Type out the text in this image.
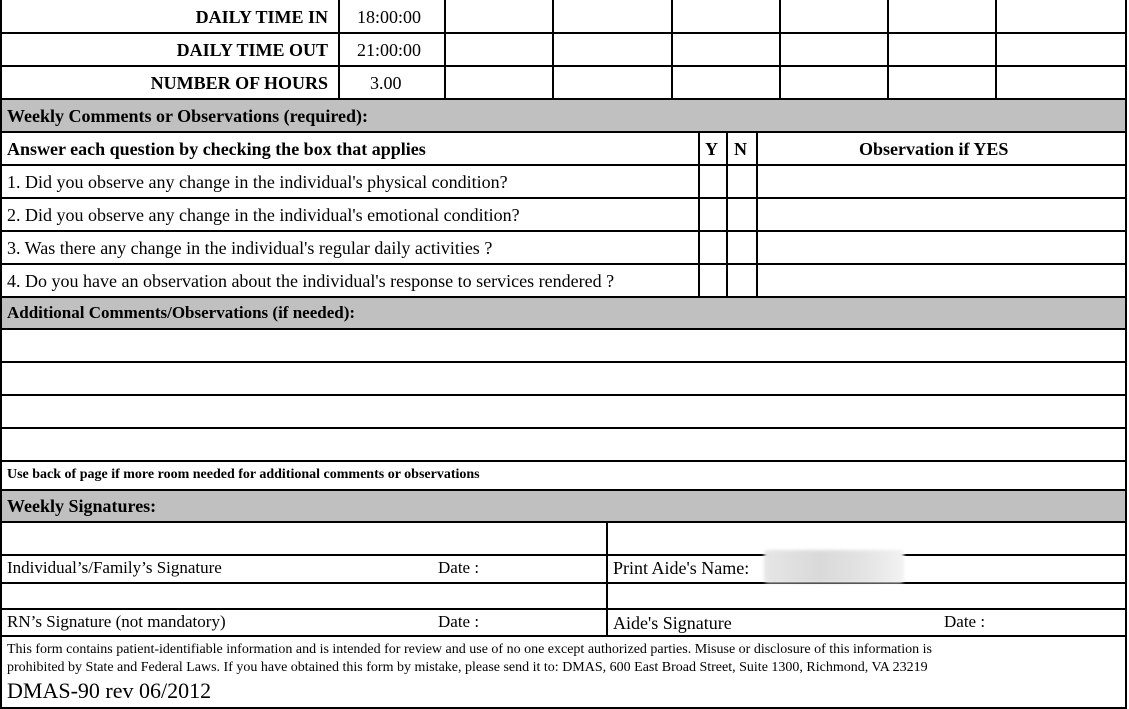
DAILY TIME IN 18:00:00
DAILY TIME OUT 21:00:00
NUMBER OF HOURS 3.00
Weekly Comments or Observations (required):
Answer each question by checking the box that applies	Y N	Observation if YES
1. Did you observe any change in the individual's physical condition?
2. Did you observe any change in the individual's emotional condition?
3. Was there any change in the individual's regular daily activities ?
4. Do you have an observation about the individual's response to services rendered ?
Additional Comments/Observations (if needed):
Use back of page if more room needed for additional comments or observations
Weekly Signatures:
Individual’s/Family’s Signature	Date :	Print Aide's Name:
RN’s Signature (not mandatory)	Date :	Aide's Signature	Date :
This form contains patient-identifiable information and is intended for review and use of no one except authorized parties. Misuse or disclosure of this information is
prohibited by State and Federal Laws. If you have obtained this form by mistake, please send it to: DMAS, 600 East Broad Street, Suite 1300, Richmond, VA 23219
DMAS-90 rev 06/2012
